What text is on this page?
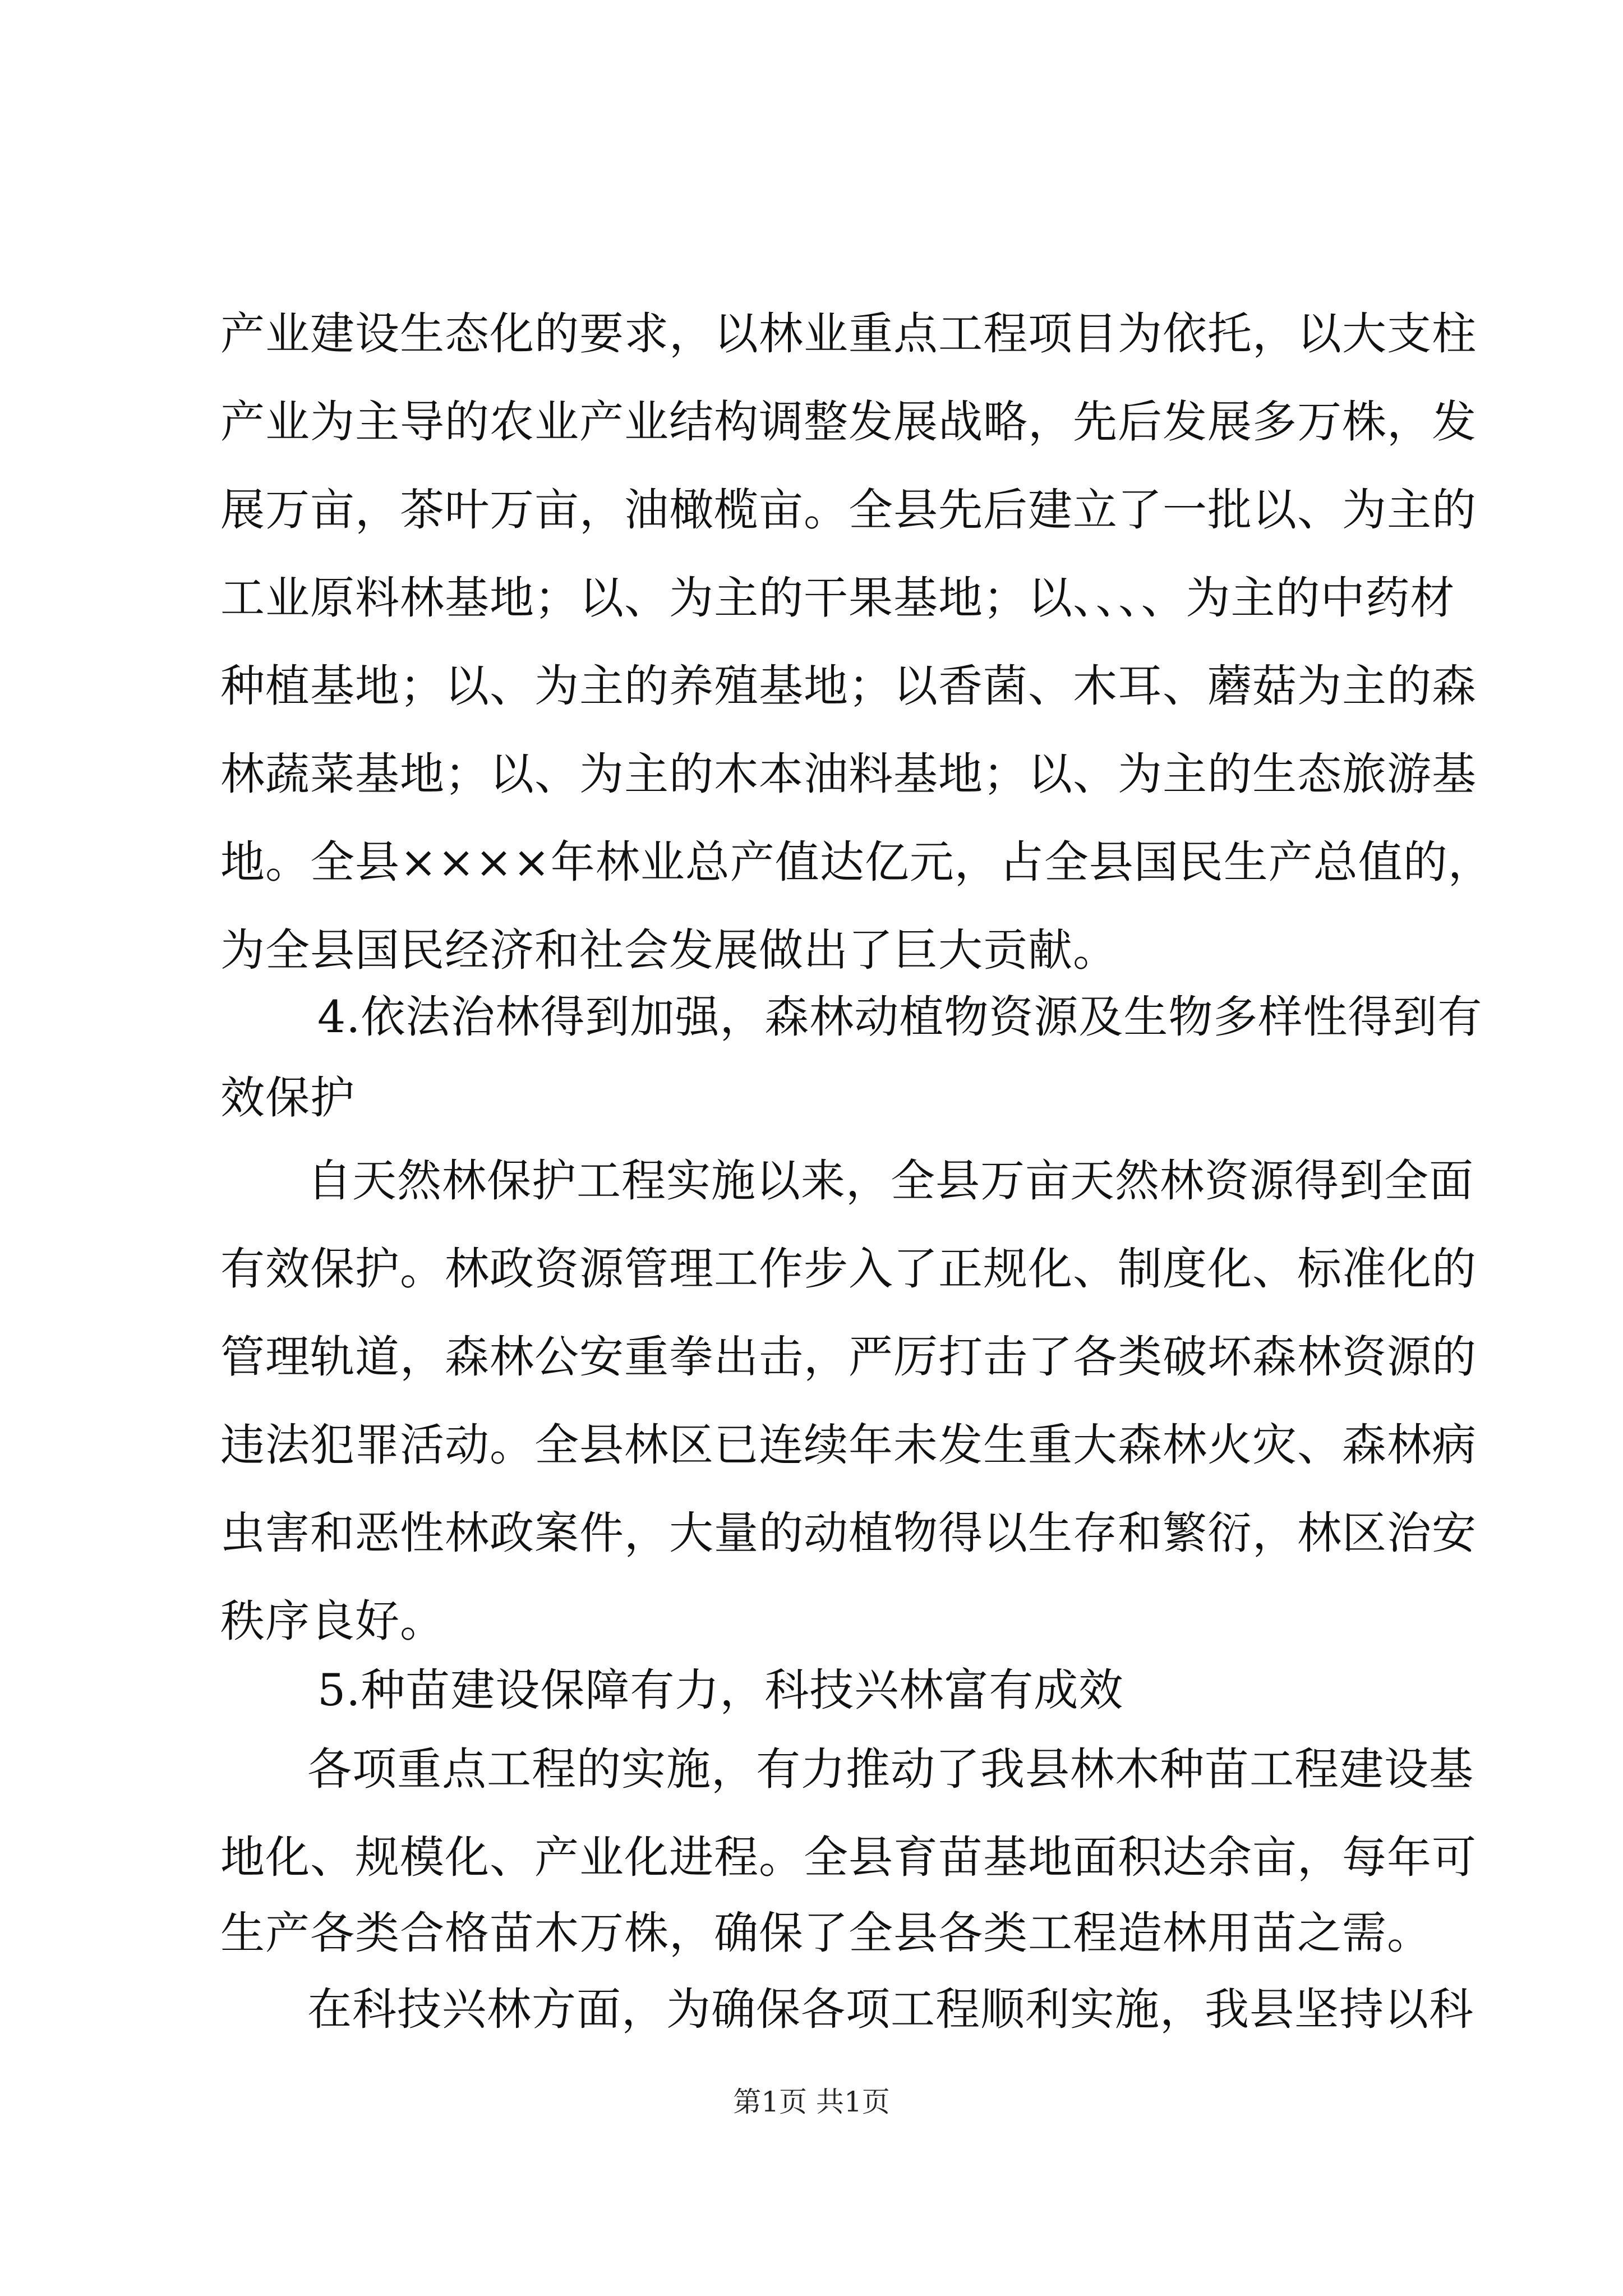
产业建设生态化的要求，以林业重点工程项目为依托，以大支柱
产业为主导的农业产业结构调整发展战略，先后发展多万株，发
展万亩，茶叶万亩，油橄榄亩。全县先后建立了一批以、为主的
工业原料林基地；以、为主的干果基地；以、、、、为主的中药材
种植基地；以、为主的养殖基地；以香菌、木耳、蘑菇为主的森
林蔬菜基地；以、为主的木本油料基地；以、为主的生态旅游基
地。全县××××年林业总产值达亿元，占全县国民生产总值的，
为全县国民经济和社会发展做出了巨大贡献。
4.依法治林得到加强，森林动植物资源及生物多样性得到有
效保护
自天然林保护工程实施以来，全县万亩天然林资源得到全面
有效保护。林政资源管理工作步入了正规化、制度化、标准化的
管理轨道，森林公安重拳出击，严厉打击了各类破坏森林资源的
违法犯罪活动。全县林区已连续年未发生重大森林火灾、森林病
虫害和恶性林政案件，大量的动植物得以生存和繁衍，林区治安
秩序良好。
5.种苗建设保障有力，科技兴林富有成效
各项重点工程的实施，有力推动了我县林木种苗工程建设基
地化、规模化、产业化进程。全县育苗基地面积达余亩，每年可
生产各类合格苗木万株，确保了全县各类工程造林用苗之需。
在科技兴林方面，为确保各项工程顺利实施，我县坚持以科
第1页 共1页
